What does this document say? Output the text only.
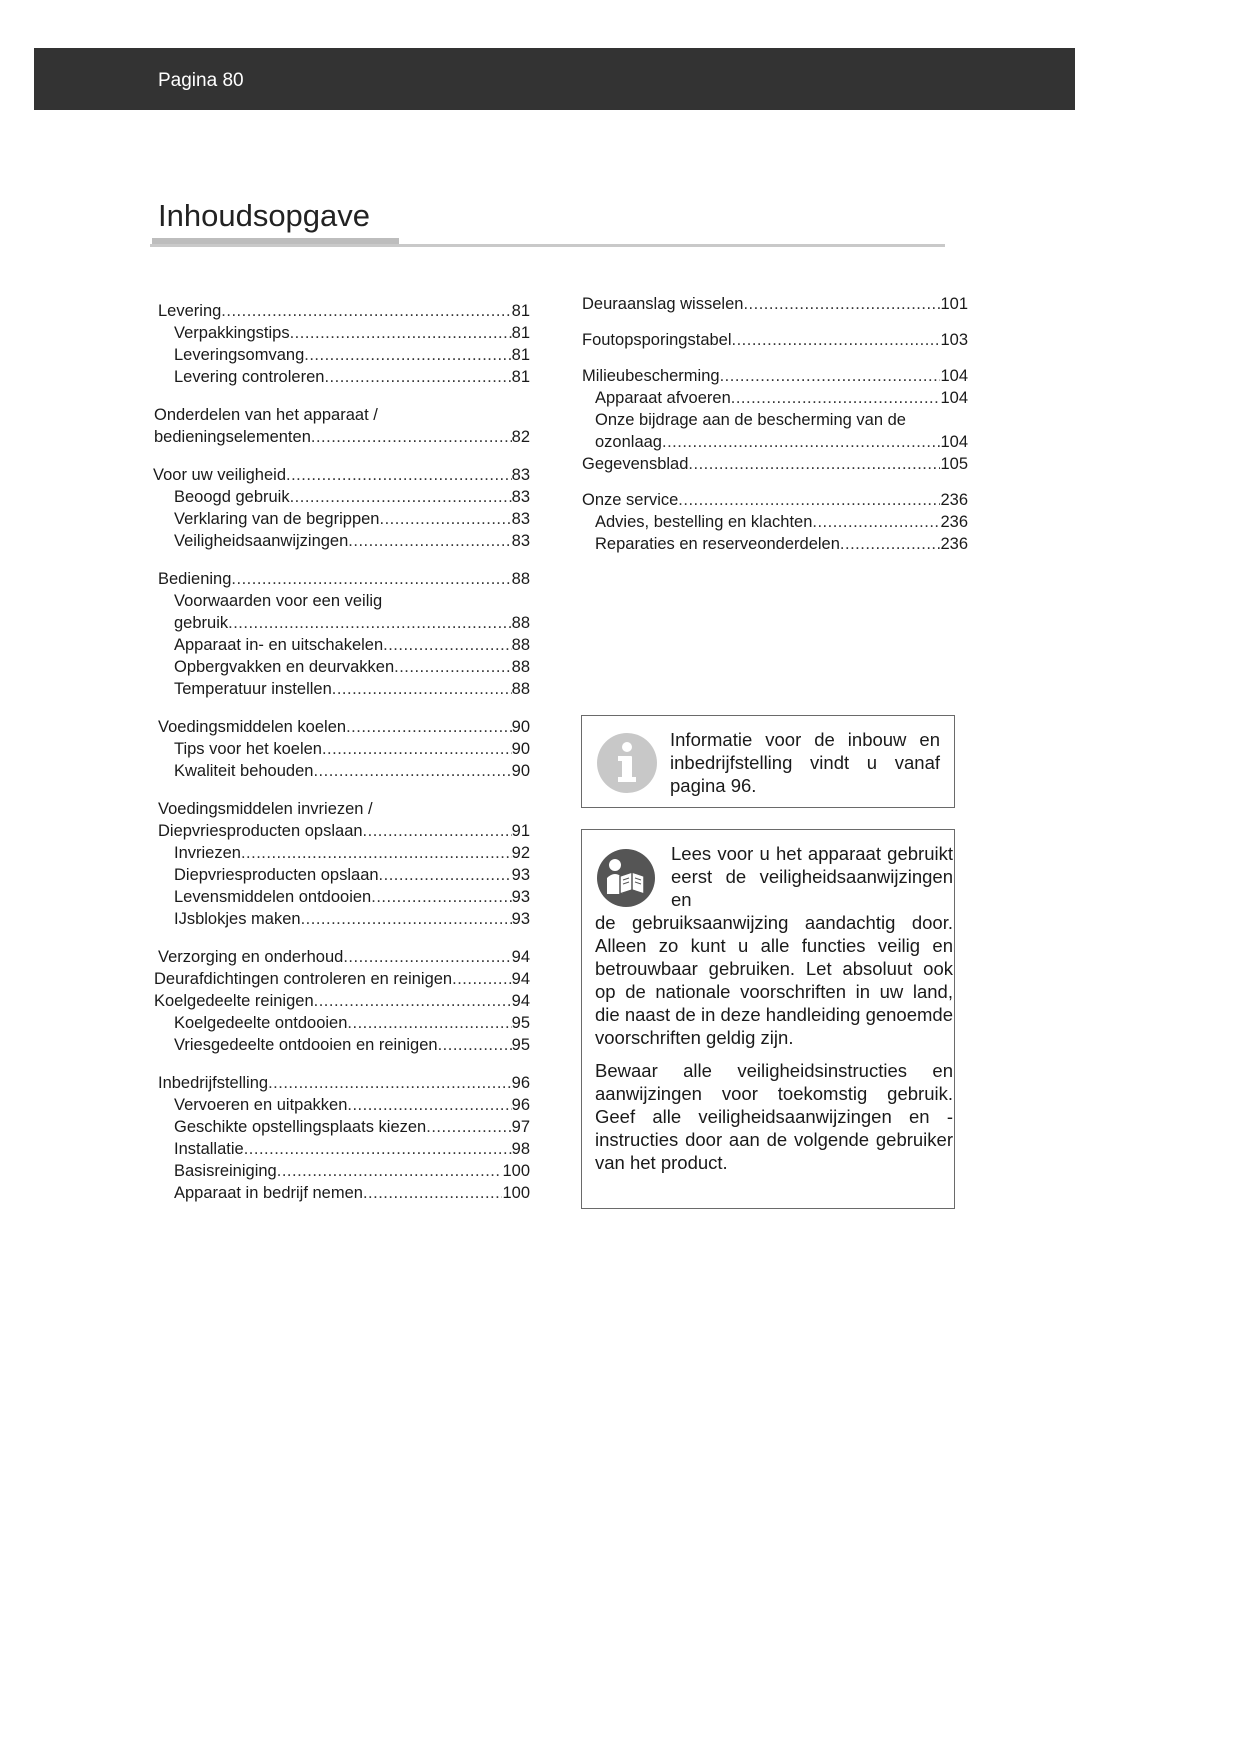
Pagina 80
Inhoudsopgave
Levering .....	81
Verpakkingstips .....	81
Leveringsomvang .....	81
Levering controleren .....	81
Onderdelen van het apparaat /
bedieningselementen .....	82
Voor uw veiligheid .....	83
Beoogd gebruik .....	83
Verklaring van de begrippen .....	83
Veiligheidsaanwijzingen .....	83
Bediening .....	88
Voorwaarden voor een veilig
gebruik .....	88
Apparaat in- en uitschakelen .....	88
Opbergvakken en deurvakken .....	88
Temperatuur instellen .....	88
Voedingsmiddelen koelen .....	90
Tips voor het koelen .....	90
Kwaliteit behouden .....	90
Voedingsmiddelen invriezen /
Diepvriesproducten opslaan .....	91
Invriezen .....	92
Diepvriesproducten opslaan .....	93
Levensmiddelen ontdooien .....	93
IJsblokjes maken .....	93
Verzorging en onderhoud .....	94
Deurafdichtingen controleren en reinigen .....	94
Koelgedeelte reinigen .....	94
Koelgedeelte ontdooien .....	95
Vriesgedeelte ontdooien en reinigen .....	95
Inbedrijfstelling .....	96
Vervoeren en uitpakken .....	96
Geschikte opstellingsplaats kiezen .....	97
Installatie .....	98
Basisreiniging .....	100
Apparaat in bedrijf nemen .....	100
Deuraanslag wisselen .....	101
Foutopsporingstabel .....	103
Milieubescherming .....	104
Apparaat afvoeren .....	104
Onze bijdrage aan de bescherming van de
ozonlaag .....	104
Gegevensblad .....	105
Onze service .....	236
Advies, bestelling en klachten .....	236
Reparaties en reserveonderdelen .....	236

Informatie voor de inbouw en inbedrijfstelling vindt u vanaf pagina 96.

Lees voor u het apparaat gebruikt eerst de veiligheidsaanwijzingen en

de gebruiksaanwijzing aandachtig door. Alleen zo kunt u alle functies veilig en betrouwbaar gebruiken. Let absoluut ook op de nationale voorschriften in uw land, die naast de in deze handleiding genoemde voorschriften geldig zijn.

Bewaar alle veiligheidsinstructies en aanwijzingen voor toekomstig gebruik. Geef alle veiligheidsaanwijzingen en -instructies door aan de volgende gebruiker van het product.
